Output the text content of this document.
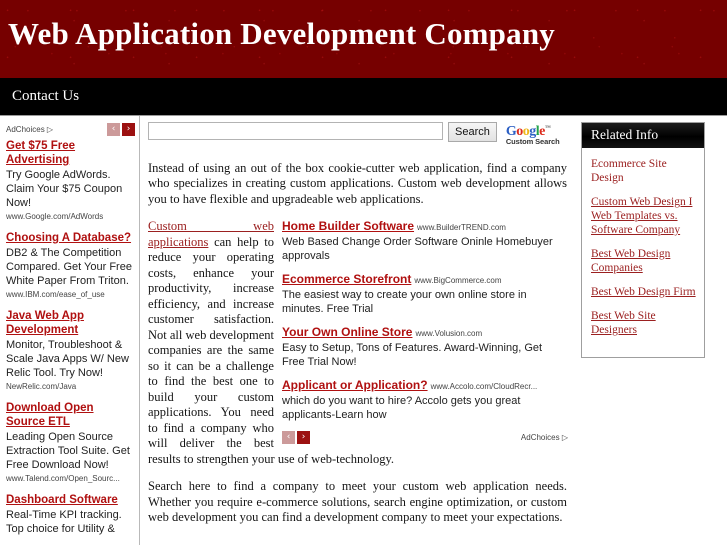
Web Application Development Company
Contact Us
AdChoices ▷	‹	›
Get $75 Free Advertising
Try Google AdWords. Claim Your $75 Coupon Now!
www.Google.com/AdWords
Choosing A Database?
DB2 & The Competition Compared. Get Your Free White Paper From Triton.
www.IBM.com/ease_of_use
Java Web App Development
Monitor, Troubleshoot & Scale Java Apps W/ New Relic Tool. Try Now!
NewRelic.com/Java
Download Open Source ETL
Leading Open Source Extraction Tool Suite. Get Free Download Now!
www.Talend.com/Open_Sourc...
Dashboard Software
Real-Time KPI tracking. Top choice for Utility &
Search	Google™
Custom Search

Instead of using an out of the box cookie-cutter web application, find a company who specializes in creating custom applications. Custom web development allows you to have flexible and upgradeable web applications.

Home Builder Software www.BuilderTREND.com
Web Based Change Order Software Oninle Homebuyer approvals
Ecommerce Storefront www.BigCommerce.com
The easiest way to create your own online store in minutes. Free Trial
Your Own Online Store www.Volusion.com
Easy to Setup, Tons of Features. Award-Winning, Get Free Trial Now!
Applicant or Application? www.Accolo.com/CloudRecr...
which do you want to hire? Accolo gets you great applicants-Learn how
‹	›	AdChoices ▷

Custom web applications can help to reduce your operating costs, enhance your productivity, increase efficiency, and increase customer satisfaction. Not all web development companies are the same so it can be a challenge to find the best one to build your custom applications. You need to find a company who will deliver the best results to strengthen your use of web-technology.

Search here to find a company to meet your custom web application needs. Whether you require e-commerce solutions, search engine optimization, or custom web development you can find a development company to meet your expectations.

Related Info
Ecommerce Site Design
Custom Web Design I Web Templates vs. Software Company
Best Web Design Companies
Best Web Design Firm
Best Web Site Designers
